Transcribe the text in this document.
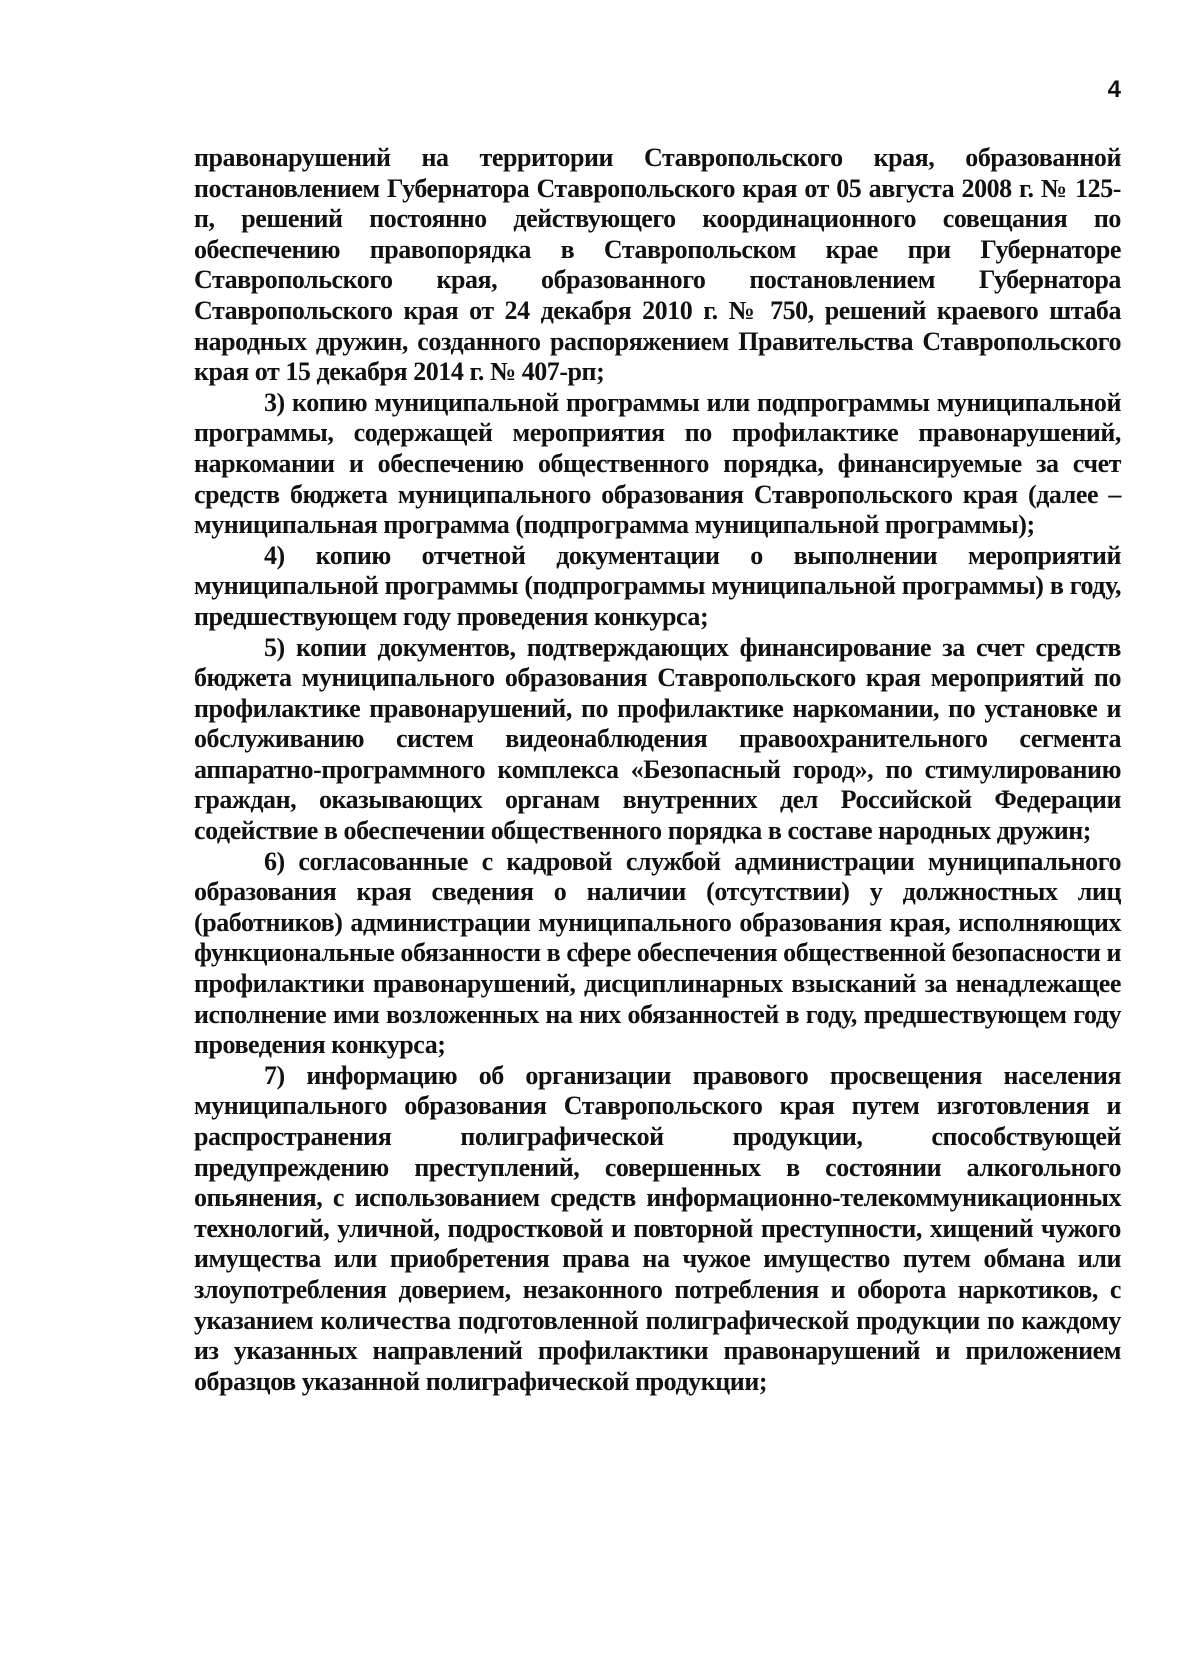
4

правонарушений на территории Ставропольского края, образованной постановлением Губернатора Ставропольского края от 05 августа 2008 г. № 125-п, решений постоянно действующего координационного совещания по обеспечению правопорядка в Ставропольском крае при Губернаторе Ставропольского края, образованного постановлением Губернатора Ставропольского края от 24 декабря 2010 г. № 750, решений краевого штаба народных дружин, созданного распоряжением Правительства Ставропольского края от 15 декабря 2014 г. № 407-рп;

3) копию муниципальной программы или подпрограммы муниципальной программы, содержащей мероприятия по профилактике правонарушений, наркомании и обеспечению общественного порядка, финансируемые за счет средств бюджета муниципального образования Ставропольского края (далее – муниципальная программа (подпрограмма муниципальной программы);

4) копию отчетной документации о выполнении мероприятий муниципальной программы (подпрограммы муниципальной программы) в году, предшествующем году проведения конкурса;

5) копии документов, подтверждающих финансирование за счет средств бюджета муниципального образования Ставропольского края мероприятий по профилактике правонарушений, по профилактике наркомании, по установке и обслуживанию систем видеонаблюдения правоохранительного сегмента аппаратно-программного комплекса «Безопасный город», по стимулированию граждан, оказывающих органам внутренних дел Российской Федерации содействие в обеспечении общественного порядка в составе народных дружин;

6) согласованные с кадровой службой администрации муниципального образования края сведения о наличии (отсутствии) у должностных лиц (работников) администрации муниципального образования края, исполняющих функциональные обязанности в сфере обеспечения общественной безопасности и профилактики правонарушений, дисциплинарных взысканий за ненадлежащее исполнение ими возложенных на них обязанностей в году, предшествующем году проведения конкурса;

7) информацию об организации правового просвещения населения муниципального образования Ставропольского края путем изготовления и распространения полиграфической продукции, способствующей предупреждению преступлений, совершенных в состоянии алкогольного опьянения, с использованием средств информационно-телекоммуникационных технологий, уличной, подростковой и повторной преступности, хищений чужого имущества или приобретения права на чужое имущество путем обмана или злоупотребления доверием, незаконного потребления и оборота наркотиков, с указанием количества подготовленной полиграфической продукции по каждому из указанных направлений профилактики правонарушений и приложением образцов указанной полиграфической продукции;
